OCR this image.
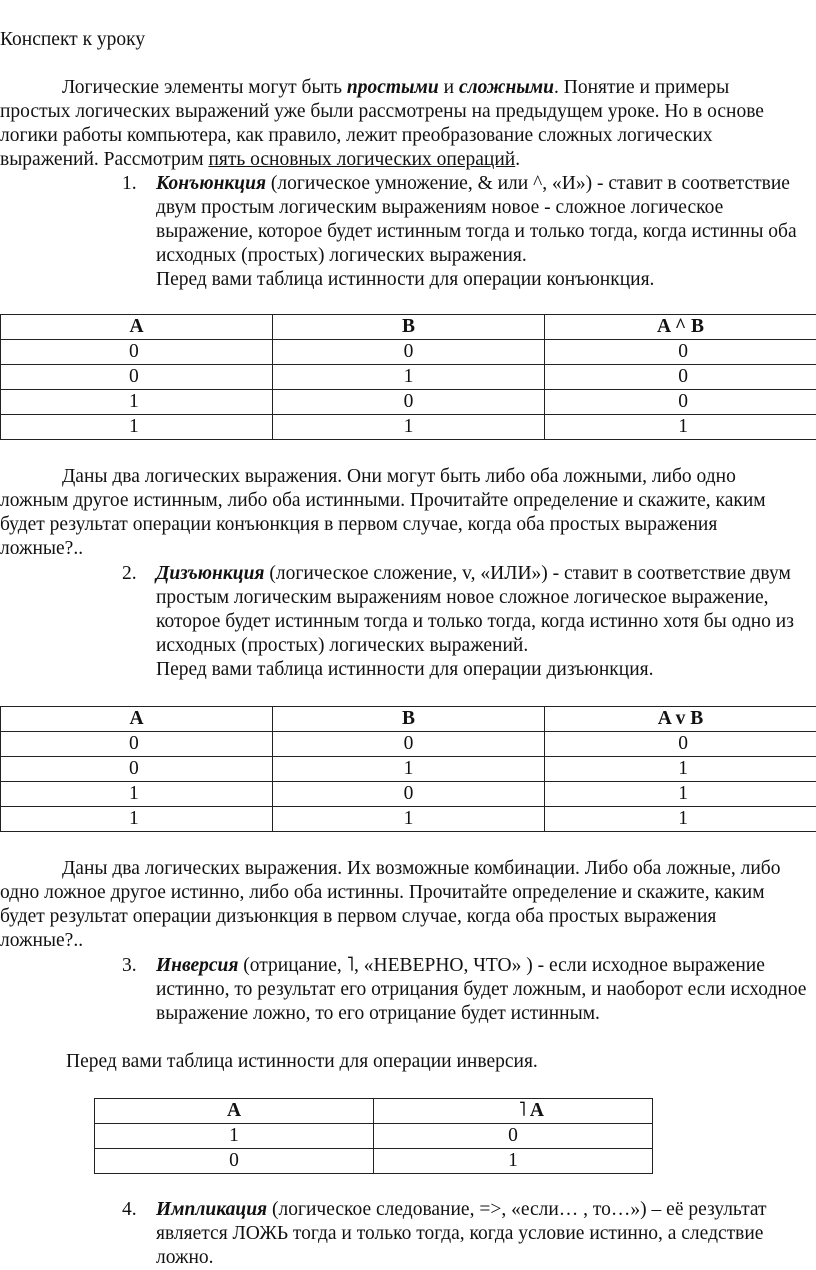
Конспект к уроку

Логические элементы могут быть простыми и сложными. Понятие и примеры простых логических выражений уже были рассмотрены на предыдущем уроке. Но в основе логики работы компьютера, как правило, лежит преобразование сложных логических выражений. Рассмотрим пять основных логических операций.

1. Конъюнкция (логическое умножение, & или ^, «И») - ставит в соответствие двум простым логическим выражениям новое - сложное логическое выражение, которое будет истинным тогда и только тогда, когда истинны оба исходных (простых) логических выражения.

Перед вами таблица истинности для операции конъюнкция.

A	B	A ^ B
0	0	0
0	1	0
1	0	0
1	1	1

Даны два логических выражения. Они могут быть либо оба ложными, либо одно ложным другое истинным, либо оба истинными. Прочитайте определение и скажите, каким будет результат операции конъюнкция в первом случае, когда оба простых выражения ложные?..

2. Дизъюнкция (логическое сложение, v, «ИЛИ») - ставит в соответствие двум простым логическим выражениям новое сложное логическое выражение, которое будет истинным тогда и только тогда, когда истинно хотя бы одно из исходных (простых) логических выражений.

Перед вами таблица истинности для операции дизъюнкция.

A	B	A v B
0	0	0
0	1	1
1	0	1
1	1	1

Даны два логических выражения. Их возможные комбинации. Либо оба ложные, либо одно ложное другое истинно, либо оба истинны. Прочитайте определение и скажите, каким будет результат операции дизъюнкция в первом случае, когда оба простых выражения ложные?..

3. Инверсия (отрицание, ˥, «НЕВЕРНО, ЧТО» ) - если исходное выражение истинно, то результат его отрицания будет ложным, и наоборот если исходное выражение ложно, то его отрицание будет истинным.

Перед вами таблица истинности для операции инверсия.

A	˥ A
1	0
0	1
4. Импликация (логическое следование, =>, «если… , то…») – её результат является ЛОЖЬ тогда и только тогда, когда условие истинно, а следствие ложно.
